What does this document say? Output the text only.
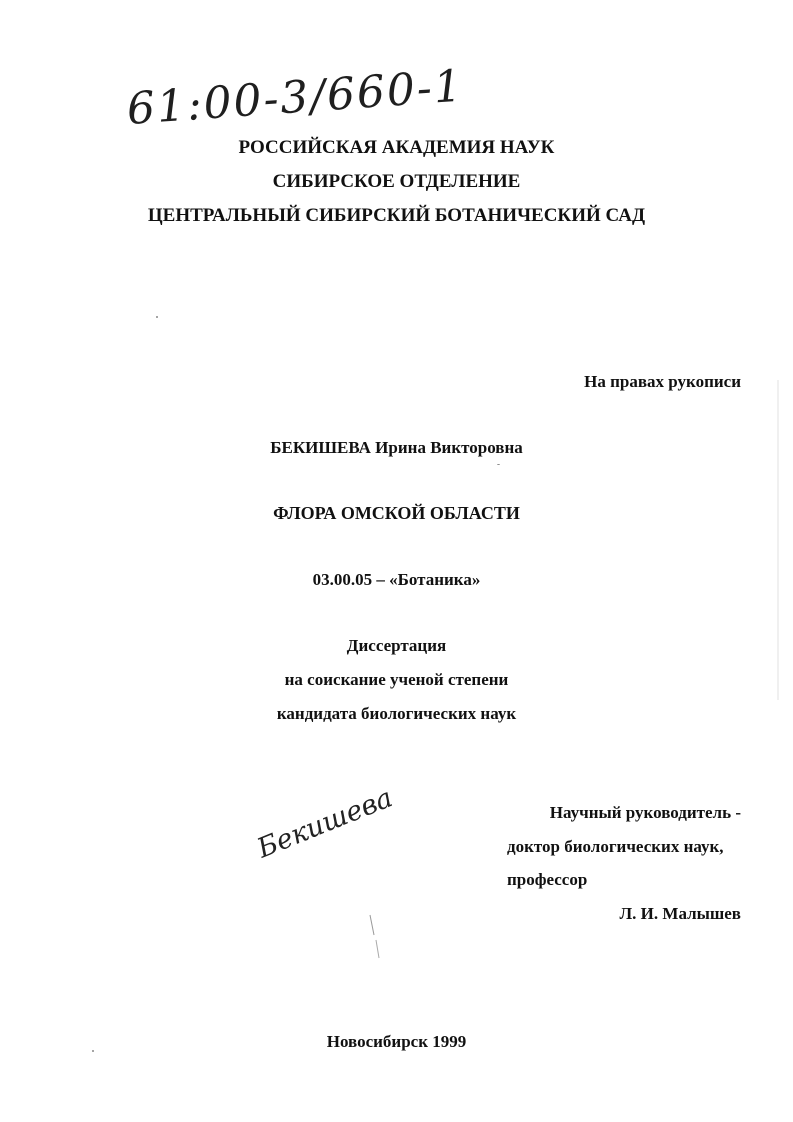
61:00-3/660-1
РОССИЙСКАЯ АКАДЕМИЯ НАУК
СИБИРСКОЕ ОТДЕЛЕНИЕ
ЦЕНТРАЛЬНЫЙ СИБИРСКИЙ БОТАНИЧЕСКИЙ САД
На правах рукописи
БЕКИШЕВА Ирина Викторовна
ФЛОРА ОМСКОЙ ОБЛАСТИ
03.00.05 – «Ботаника»
Диссертация
на соискание ученой степени
кандидата биологических наук
Бекишева	Научный руководитель -
доктор биологических наук,
профессор
Л. И. Малышев
Новосибирск 1999
